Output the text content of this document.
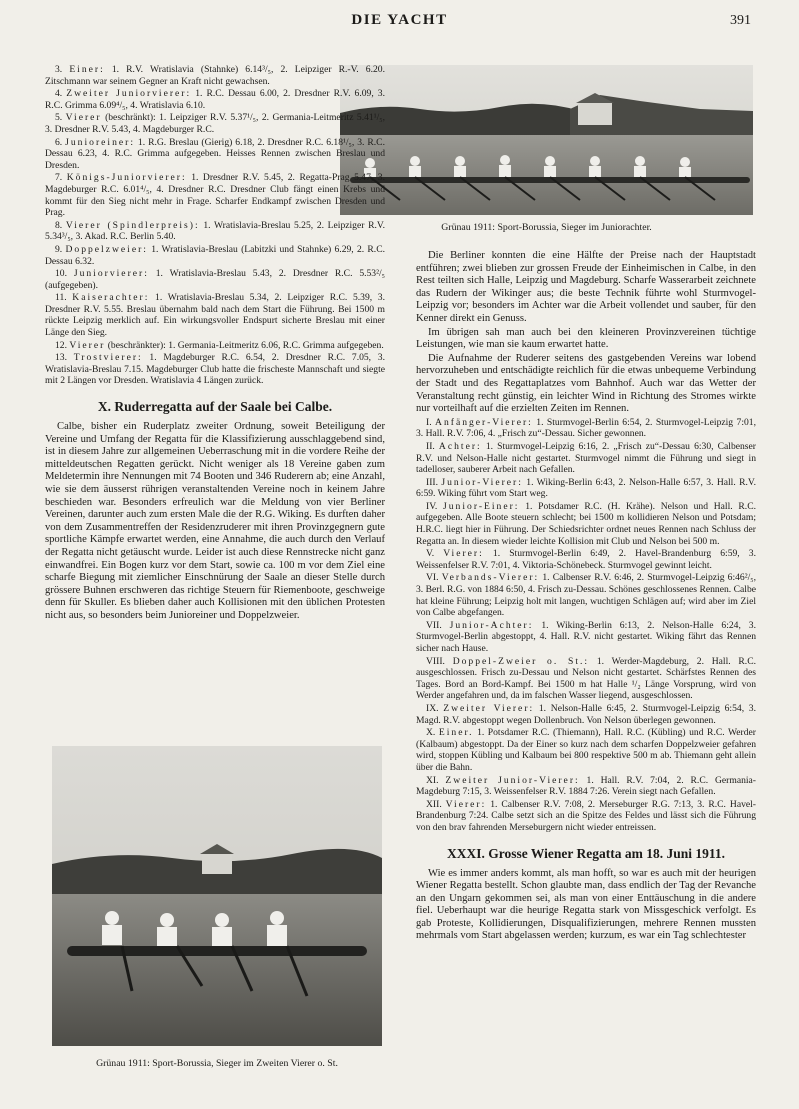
DIE YACHT	391
Grünau 1911: Sport-Borussia, Sieger im Juniorachter.

3. Einer: 1. R.V. Wratislavia (Stahnke) 6.14³/₅, 2. Leipziger R.-V. 6.20. Zitschmann war seinem Gegner an Kraft nicht gewachsen.

4. Zweiter Juniorvierer: 1. R.C. Dessau 6.00, 2. Dresdner R.V. 6.09, 3. R.C. Grimma 6.09⁴/₅, 4. Wratislavia 6.10.

5. Vierer (beschränkt): 1. Leipziger R.V. 5.37¹/₅, 2. Germania-Leitmeritz 5.41¹/₅, 3. Dresdner R.V. 5.43, 4. Magdeburger R.C.

6. Junioreiner: 1. R.G. Breslau (Gierig) 6.18, 2. Dresdner R.C. 6.18¹/₅, 3. R.C. Dessau 6.23, 4. R.C. Grimma aufgegeben. Heisses Rennen zwischen Breslau und Dresden.

7. Königs-Juniorvierer: 1. Dresdner R.V. 5.45, 2. Regatta-Prag 5.47, 3. Magdeburger R.C. 6.01⁴/₅, 4. Dresdner R.C. Dresdner Club fängt einen Krebs und kommt für den Sieg nicht mehr in Frage. Scharfer Endkampf zwischen Dresden und Prag.

8. Vierer (Spindlerpreis): 1. Wratislavia-Breslau 5.25, 2. Leipziger R.V. 5.34³/₅, 3. Akad. R.C. Berlin 5.40.

9. Doppelzweier: 1. Wratislavia-Breslau (Labitzki und Stahnke) 6.29, 2. R.C. Dessau 6.32.

10. Juniorvierer: 1. Wratislavia-Breslau 5.43, 2. Dresdner R.C. 5.53²/₅ (aufgegeben).

11. Kaiserachter: 1. Wratislavia-Breslau 5.34, 2. Leipziger R.C. 5.39, 3. Dresdner R.V. 5.55. Breslau übernahm bald nach dem Start die Führung. Bei 1500 m rückte Leipzig merklich auf. Ein wirkungsvoller Endspurt sicherte Breslau mit einer Länge den Sieg.

12. Vierer (beschränkter): 1. Germania-Leitmeritz 6.06, R.C. Grimma aufgegeben.

13. Trostvierer: 1. Magdeburger R.C. 6.54, 2. Dresdner R.C. 7.05, 3. Wratislavia-Breslau 7.15. Magdeburger Club hatte die frischeste Mannschaft und siegte mit 2 Längen vor Dresden. Wratislavia 4 Längen zurück.

X. Ruderregatta auf der Saale bei Calbe.

Calbe, bisher ein Ruderplatz zweiter Ordnung, soweit Beteiligung der Vereine und Umfang der Regatta für die Klassifizierung ausschlaggebend sind, ist in diesem Jahre zur allgemeinen Ueberraschung mit in die vordere Reihe der mitteldeutschen Regatten gerückt. Nicht weniger als 18 Vereine gaben zum Meldetermin ihre Nennungen mit 74 Booten und 346 Ruderern ab; eine Anzahl, wie sie dem äusserst rührigen veranstaltenden Vereine noch in keinem Jahre beschieden war. Besonders erfreulich war die Meldung von vier Berliner Vereinen, darunter auch zum ersten Male die der R.G. Wiking. Es durften daher von dem Zusammentreffen der Residenzruderer mit ihren Provinzgegnern gute sportliche Kämpfe erwartet werden, eine Annahme, die auch durch den Verlauf der Regatta nicht getäuscht wurde. Leider ist auch diese Rennstrecke nicht ganz einwandfrei. Ein Bogen kurz vor dem Start, sowie ca. 100 m vor dem Ziel eine scharfe Biegung mit ziemlicher Einschnürung der Saale an dieser Stelle durch grössere Buhnen erschweren das richtige Steuern für Riemenboote, geschweige denn für Skuller. Es blieben daher auch Kollisionen mit den üblichen Protesten nicht aus, so besonders beim Junioreiner und Doppelzweier.

Grünau 1911: Sport-Borussia, Sieger im Zweiten Vierer o. St.

Die Berliner konnten die eine Hälfte der Preise nach der Hauptstadt entführen; zwei blieben zur grossen Freude der Einheimischen in Calbe, in den Rest teilten sich Halle, Leipzig und Magdeburg. Scharfe Wasserarbeit zeichnete das Rudern der Wikinger aus; die beste Technik führte wohl Sturmvogel-Leipzig vor; besonders im Achter war die Arbeit vollendet und sauber, für den Kenner direkt ein Genuss.

Im übrigen sah man auch bei den kleineren Provinzvereinen tüchtige Leistungen, wie man sie kaum erwartet hatte.

Die Aufnahme der Ruderer seitens des gastgebenden Vereins war lobend hervorzuheben und entschädigte reichlich für die etwas unbequeme Verbindung der Stadt und des Regattaplatzes vom Bahnhof. Auch war das Wetter der Veranstaltung recht günstig, ein leichter Wind in Richtung des Stromes wirkte nur vorteilhaft auf die erzielten Zeiten im Rennen.

I. Anfänger-Vierer: 1. Sturmvogel-Berlin 6:54, 2. Sturmvogel-Leipzig 7:01, 3. Hall. R.V. 7:06, 4. „Frisch zu“-Dessau. Sicher gewonnen.

II. Achter: 1. Sturmvogel-Leipzig 6:16, 2. „Frisch zu“-Dessau 6:30, Calbenser R.V. und Nelson-Halle nicht gestartet. Sturmvogel nimmt die Führung und siegt in tadelloser, sauberer Arbeit nach Gefallen.

III. Junior-Vierer: 1. Wiking-Berlin 6:43, 2. Nelson-Halle 6:57, 3. Hall. R.V. 6:59. Wiking führt vom Start weg.

IV. Junior-Einer: 1. Potsdamer R.C. (H. Krähe). Nelson und Hall. R.C. aufgegeben. Alle Boote steuern schlecht; bei 1500 m kollidieren Nelson und Potsdam; H.R.C. liegt hier in Führung. Der Schiedsrichter ordnet neues Rennen nach Schluss der Regatta an. In diesem wieder leichte Kollision mit Club und Nelson bei 500 m.

V. Vierer: 1. Sturmvogel-Berlin 6:49, 2. Havel-Brandenburg 6:59, 3. Weissenfelser R.V. 7:01, 4. Viktoria-Schönebeck. Sturmvogel gewinnt leicht.

VI. Verbands-Vierer: 1. Calbenser R.V. 6:46, 2. Sturmvogel-Leipzig 6:46²/₅, 3. Berl. R.G. von 1884 6:50, 4. Frisch zu-Dessau. Schönes geschlossenes Rennen. Calbe hat kleine Führung; Leipzig holt mit langen, wuchtigen Schlägen auf; wird aber im Ziel von Calbe abgefangen.

VII. Junior-Achter: 1. Wiking-Berlin 6:13, 2. Nelson-Halle 6:24, 3. Sturmvogel-Berlin abgestoppt, 4. Hall. R.V. nicht gestartet. Wiking fährt das Rennen sicher nach Hause.

VIII. Doppel-Zweier o. St.: 1. Werder-Magdeburg, 2. Hall. R.C. ausgeschlossen. Frisch zu-Dessau und Nelson nicht gestartet. Schärfstes Rennen des Tages. Bord an Bord-Kampf. Bei 1500 m hat Halle ¹/₂ Länge Vorsprung, wird von Werder angefahren und, da im falschen Wasser liegend, ausgeschlossen.

IX. Zweiter Vierer: 1. Nelson-Halle 6:45, 2. Sturmvogel-Leipzig 6:54, 3. Magd. R.V. abgestoppt wegen Dollenbruch. Von Nelson überlegen gewonnen.

X. Einer. 1. Potsdamer R.C. (Thiemann), Hall. R.C. (Kübling) und R.C. Werder (Kalbaum) abgestoppt. Da der Einer so kurz nach dem scharfen Doppelzweier gefahren wird, stoppen Kübling und Kalbaum bei 800 respektive 500 m ab. Thiemann geht allein über die Bahn.

XI. Zweiter Junior-Vierer: 1. Hall. R.V. 7:04, 2. R.C. Germania-Magdeburg 7:15, 3. Weissenfelser R.V. 1884 7:26. Verein siegt nach Gefallen.

XII. Vierer: 1. Calbenser R.V. 7:08, 2. Merseburger R.G. 7:13, 3. R.C. Havel-Brandenburg 7:24. Calbe setzt sich an die Spitze des Feldes und lässt sich die Führung von den brav fahrenden Merseburgern nicht wieder entreissen.

XXXI. Grosse Wiener Regatta am 18. Juni 1911.

Wie es immer anders kommt, als man hofft, so war es auch mit der heurigen Wiener Regatta bestellt. Schon glaubte man, dass endlich der Tag der Revanche an den Ungarn gekommen sei, als man von einer Enttäuschung in die andere fiel. Ueberhaupt war die heurige Regatta stark von Missgeschick verfolgt. Es gab Proteste, Kollidierungen, Disqualifizierungen, mehrere Rennen mussten mehrmals vom Start abgelassen werden; kurzum, es war ein Tag schlechtester
